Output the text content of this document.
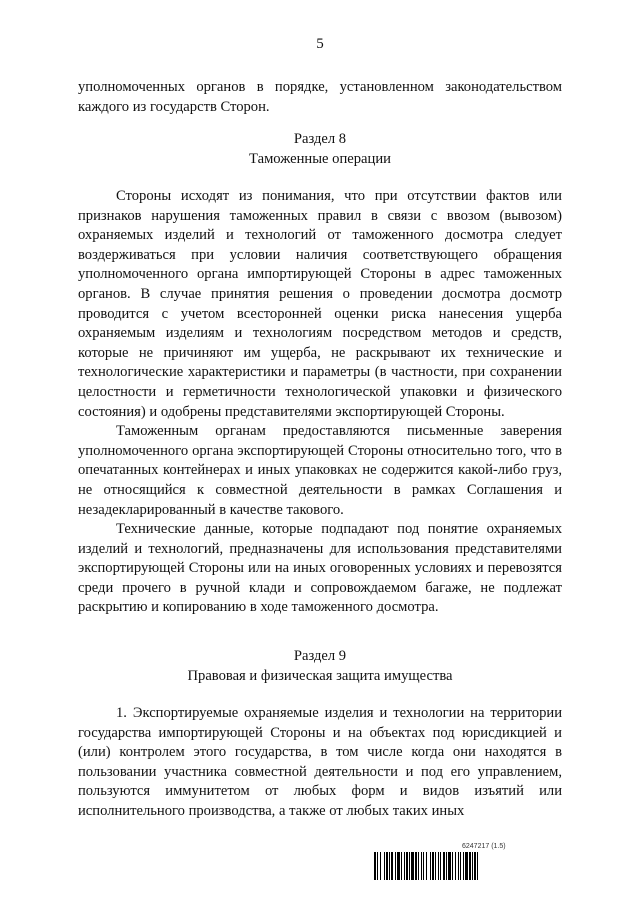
5

уполномоченных органов в порядке, установленном законодательством каждого из государств Сторон.

Раздел 8
Таможенные операции

Стороны исходят из понимания, что при отсутствии фактов или признаков нарушения таможенных правил в связи с ввозом (вывозом) охраняемых изделий и технологий от таможенного досмотра следует воздерживаться при условии наличия соответствующего обращения уполномоченного органа импортирующей Стороны в адрес таможенных органов. В случае принятия решения о проведении досмотра досмотр проводится с учетом всесторонней оценки риска нанесения ущерба охраняемым изделиям и технологиям посредством методов и средств, которые не причиняют им ущерба, не раскрывают их технические и технологические характеристики и параметры (в частности, при сохранении целостности и герметичности технологической упаковки и физического состояния) и одобрены представителями экспортирующей Стороны.

Таможенным органам предоставляются письменные заверения уполномоченного органа экспортирующей Стороны относительно того, что в опечатанных контейнерах и иных упаковках не содержится какой-либо груз, не относящийся к совместной деятельности в рамках Соглашения и незадекларированный в качестве такового.

Технические данные, которые подпадают под понятие охраняемых изделий и технологий, предназначены для использования представителями экспортирующей Стороны или на иных оговоренных условиях и перевозятся среди прочего в ручной клади и сопровождаемом багаже, не подлежат раскрытию и копированию в ходе таможенного досмотра.

Раздел 9
Правовая и физическая защита имущества

1. Экспортируемые охраняемые изделия и технологии на территории государства импортирующей Стороны и на объектах под юрисдикцией и (или) контролем этого государства, в том числе когда они находятся в пользовании участника совместной деятельности и под его управлением, пользуются иммунитетом от любых форм и видов изъятий или исполнительного производства, а также от любых таких иных

6247217 (1.5)
